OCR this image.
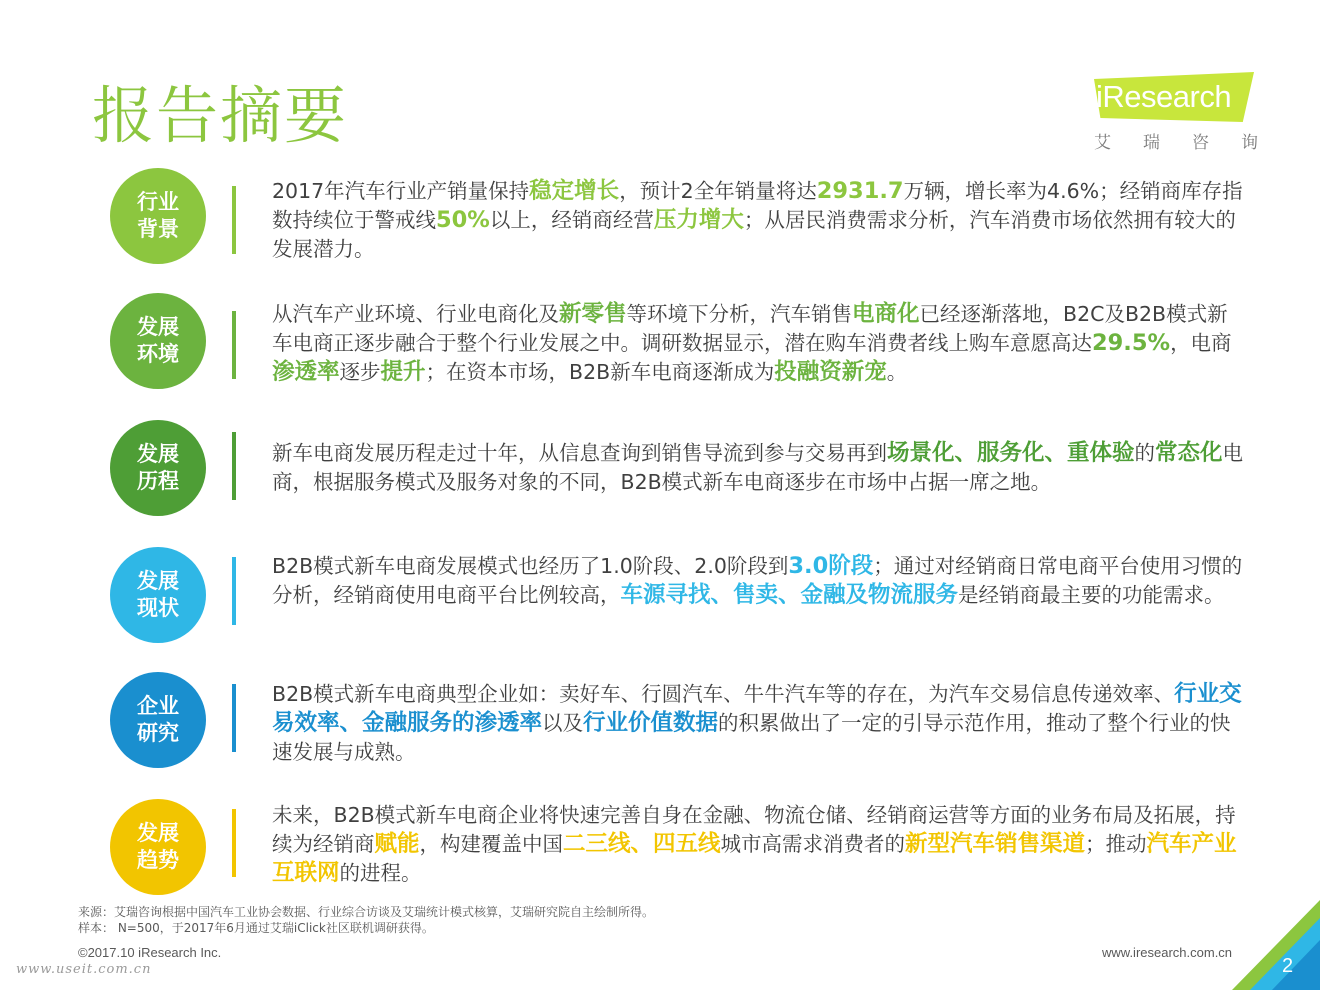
报告摘要	iResearch
艾 瑞 咨 询
行业
背景
2017年汽车行业产销量保持稳定增长，预计2全年销量将达2931.7万辆，增长率为4.6%；经销商库存指数持续位于警戒线50%以上，经销商经营压力增大；从居民消费需求分析，汽车消费市场依然拥有较大的发展潜力。
发展
环境
从汽车产业环境、行业电商化及新零售等环境下分析，汽车销售电商化已经逐渐落地，B2C及B2B模式新车电商正逐步融合于整个行业发展之中。调研数据显示，潜在购车消费者线上购车意愿高达29.5%，电商渗透率逐步提升；在资本市场，B2B新车电商逐渐成为投融资新宠。
发展
历程
新车电商发展历程走过十年，从信息查询到销售导流到参与交易再到场景化、服务化、重体验的常态化电商，根据服务模式及服务对象的不同，B2B模式新车电商逐步在市场中占据一席之地。
发展
现状
B2B模式新车电商发展模式也经历了1.0阶段、2.0阶段到3.0阶段；通过对经销商日常电商平台使用习惯的分析，经销商使用电商平台比例较高，车源寻找、售卖、金融及物流服务是经销商最主要的功能需求。
企业
研究
B2B模式新车电商典型企业如：卖好车、行圆汽车、牛牛汽车等的存在，为汽车交易信息传递效率、行业交易效率、金融服务的渗透率以及行业价值数据的积累做出了一定的引导示范作用，推动了整个行业的快速发展与成熟。
发展
趋势
未来，B2B模式新车电商企业将快速完善自身在金融、物流仓储、经销商运营等方面的业务布局及拓展，持续为经销商赋能，构建覆盖中国二三线、四五线城市高需求消费者的新型汽车销售渠道；推动汽车产业互联网的进程。
来源：艾瑞咨询根据中国汽车工业协会数据、行业综合访谈及艾瑞统计模式核算，艾瑞研究院自主绘制所得。
样本： N=500，于2017年6月通过艾瑞iClick社区联机调研获得。
©2017.10 iResearch Inc.	www.iresearch.com.cn
www.useit.com.cn	2
